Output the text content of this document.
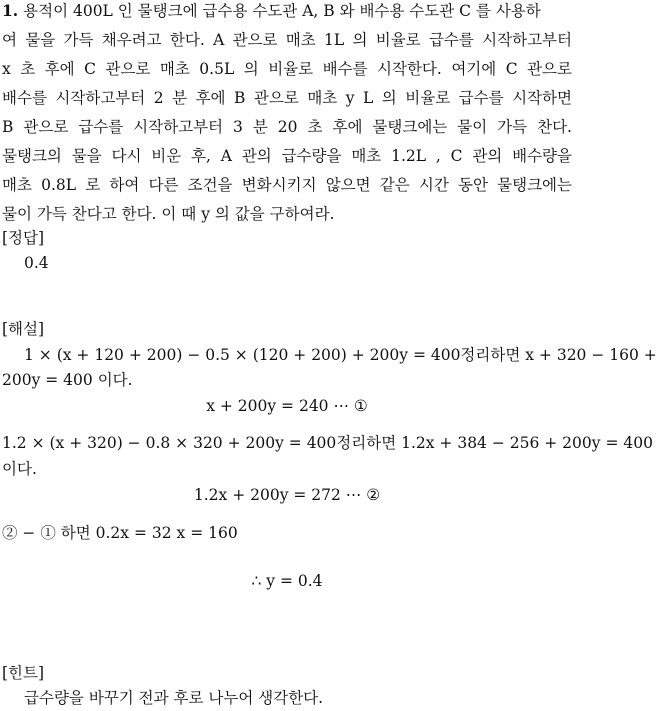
1. 용적이 400L 인 물탱크에 급수용 수도관 A, B 와 배수용 수도관 C 를 사용하
여 물을 가득 채우려고 한다. A 관으로 매초 1L 의 비율로 급수를 시작하고부터
x 초 후에 C 관으로 매초 0.5L 의 비율로 배수를 시작한다. 여기에 C 관으로
배수를 시작하고부터 2 분 후에 B 관으로 매초 y L 의 비율로 급수를 시작하면
B 관으로 급수를 시작하고부터 3 분 20 초 후에 물탱크에는 물이 가득 찬다.
물탱크의 물을 다시 비운 후, A 관의 급수량을 매초 1.2L , C 관의 배수량을
매초 0.8L 로 하여 다른 조건을 변화시키지 않으면 같은 시간 동안 물탱크에는
물이 가득 찬다고 한다. 이 때 y 의 값을 구하여라.
[정답]
0.4
[해설]
1 × (x + 120 + 200) − 0.5 × (120 + 200) + 200y = 400정리하면 x + 320 − 160 +
200y = 400 이다.
x + 200y = 240 ⋯ ①
1.2 × (x + 320) − 0.8 × 320 + 200y = 400정리하면 1.2x + 384 − 256 + 200y = 400
이다.
1.2x + 200y = 272 ⋯ ②
② − ① 하면 0.2x = 32 x = 160
∴ y = 0.4
[힌트]
급수량을 바꾸기 전과 후로 나누어 생각한다.
